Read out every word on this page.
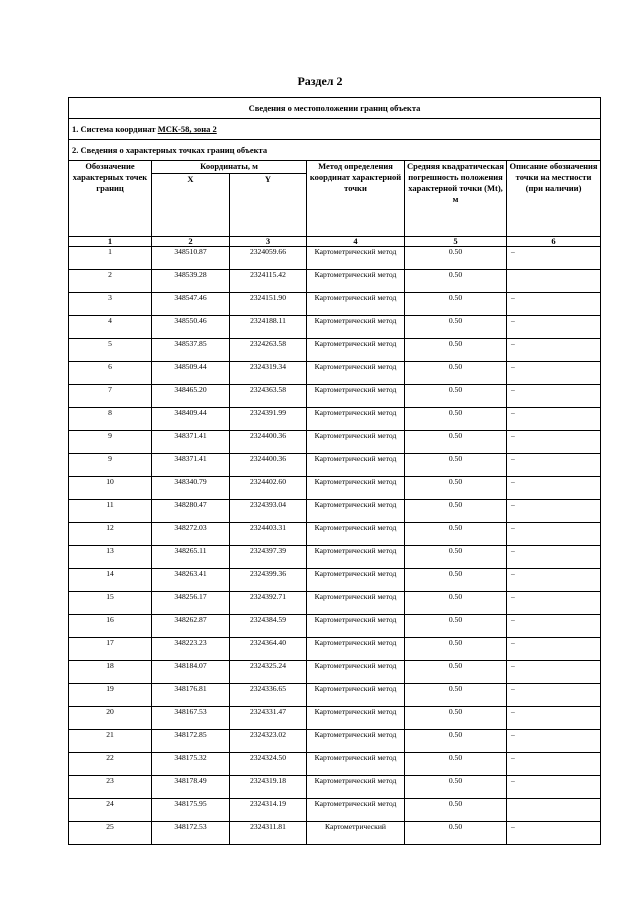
Раздел 2
Сведения о местоположении границ объекта					
1. Система координат МСК-58, зона 2					
2. Сведения о характерных точках границ объекта					
Обозначение характерных точек границ	Координаты, м		Метод определения координат характерной точки	Средняя квадратическая погрешность положения характерной точки (Mt), м	Описание обозначения точки на местности (при наличии)
	X	Y			
1	2	3	4	5	6
1	348510.87	2324059.66	Картометрический метод	0.50	–
2	348539.28	2324115.42	Картометрический метод	0.50	
3	348547.46	2324151.90	Картометрический метод	0.50	–
4	348550.46	2324188.11	Картометрический метод	0.50	–
5	348537.85	2324263.58	Картометрический метод	0.50	–
6	348509.44	2324319.34	Картометрический метод	0.50	–
7	348465.20	2324363.58	Картометрический метод	0.50	–
8	348409.44	2324391.99	Картометрический метод	0.50	–
9	348371.41	2324400.36	Картометрический метод	0.50	–
9	348371.41	2324400.36	Картометрический метод	0.50	–
10	348340.79	2324402.60	Картометрический метод	0.50	–
11	348280.47	2324393.04	Картометрический метод	0.50	–
12	348272.03	2324403.31	Картометрический метод	0.50	–
13	348265.11	2324397.39	Картометрический метод	0.50	–
14	348263.41	2324399.36	Картометрический метод	0.50	–
15	348256.17	2324392.71	Картометрический метод	0.50	–
16	348262.87	2324384.59	Картометрический метод	0.50	–
17	348223.23	2324364.40	Картометрический метод	0.50	–
18	348184.07	2324325.24	Картометрический метод	0.50	–
19	348176.81	2324336.65	Картометрический метод	0.50	–
20	348167.53	2324331.47	Картометрический метод	0.50	–
21	348172.85	2324323.02	Картометрический метод	0.50	–
22	348175.32	2324324.50	Картометрический метод	0.50	–
23	348178.49	2324319.18	Картометрический метод	0.50	–
24	348175.95	2324314.19	Картометрический метод	0.50	
25	348172.53	2324311.81	Картометрический	0.50	–
